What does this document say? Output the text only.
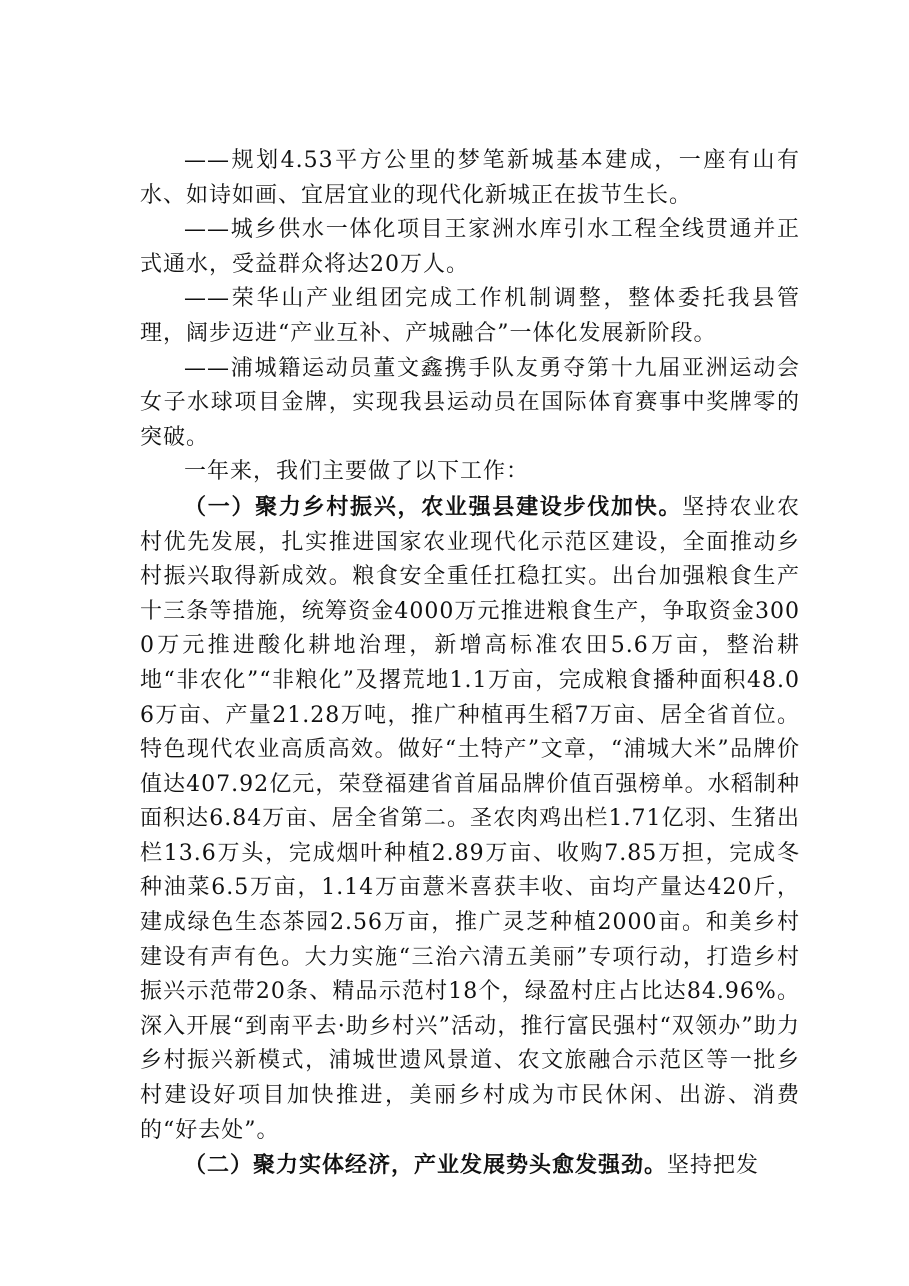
——规划4.53平方公里的梦笔新城基本建成，一座有山有水、如诗如画、宜居宜业的现代化新城正在拔节生长。

——城乡供水一体化项目王家洲水库引水工程全线贯通并正式通水，受益群众将达20万人。

——荣华山产业组团完成工作机制调整，整体委托我县管理，阔步迈进“产业互补、产城融合”一体化发展新阶段。

——浦城籍运动员董文鑫携手队友勇夺第十九届亚洲运动会女子水球项目金牌，实现我县运动员在国际体育赛事中奖牌零的突破。

一年来，我们主要做了以下工作：

（一）聚力乡村振兴，农业强县建设步伐加快。坚持农业农村优先发展，扎实推进国家农业现代化示范区建设，全面推动乡村振兴取得新成效。粮食安全重任扛稳扛实。出台加强粮食生产十三条等措施，统筹资金4000万元推进粮食生产，争取资金3000万元推进酸化耕地治理，新增高标准农田5.6万亩，整治耕地“非农化”“非粮化”及撂荒地1.1万亩，完成粮食播种面积48.06万亩、产量21.28万吨，推广种植再生稻7万亩、居全省首位。特色现代农业高质高效。做好“土特产”文章，“浦城大米”品牌价值达407.92亿元，荣登福建省首届品牌价值百强榜单。水稻制种面积达6.84万亩、居全省第二。圣农肉鸡出栏1.71亿羽、生猪出栏13.6万头，完成烟叶种植2.89万亩、收购7.85万担，完成冬种油菜6.5万亩，1.14万亩薏米喜获丰收、亩均产量达420斤，建成绿色生态茶园2.56万亩，推广灵芝种植2000亩。和美乡村建设有声有色。大力实施“三治六清五美丽”专项行动，打造乡村振兴示范带20条、精品示范村18个，绿盈村庄占比达84.96%。深入开展“到南平去·助乡村兴”活动，推行富民强村“双领办”助力乡村振兴新模式，浦城世遗风景道、农文旅融合示范区等一批乡村建设好项目加快推进，美丽乡村成为市民休闲、出游、消费的“好去处”。

（二）聚力实体经济，产业发展势头愈发强劲。坚持把发
